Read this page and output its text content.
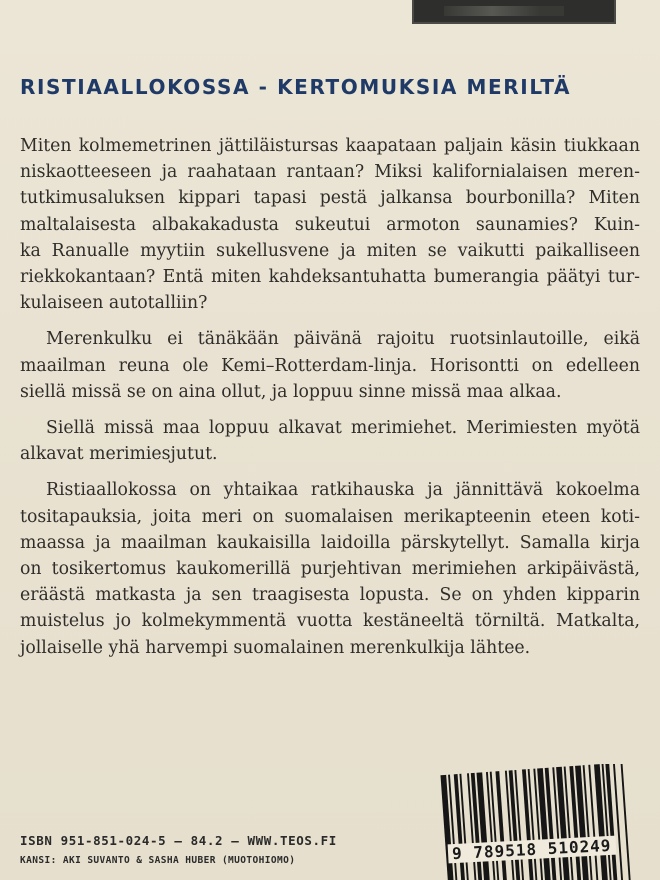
RISTIAALLOKOSSA - KERTOMUKSIA MERILTÄ

Miten kolmemetrinen jättiläistursas kaapataan paljain käsin tiukkaan
niskaotteeseen ja raahataan rantaan? Miksi kalifornialaisen meren-
tutkimusaluksen kippari tapasi pestä jalkansa bourbonilla? Miten
maltalaisesta albakakadusta sukeutui armoton saunamies? Kuin-
ka Ranualle myytiin sukellusvene ja miten se vaikutti paikalliseen
riekkokantaan? Entä miten kahdeksantuhatta bumerangia päätyi tur-
kulaiseen autotalliin?

Merenkulku ei tänäkään päivänä rajoitu ruotsinlautoille, eikä
maailman reuna ole Kemi–Rotterdam-linja. Horisontti on edelleen
siellä missä se on aina ollut, ja loppuu sinne missä maa alkaa.

Siellä missä maa loppuu alkavat merimiehet. Merimiesten myötä
alkavat merimiesjutut.

Ristiaallokossa on yhtaikaa ratkihauska ja jännittävä kokoelma
tositapauksia, joita meri on suomalaisen merikapteenin eteen koti-
maassa ja maailman kaukaisilla laidoilla pärskytellyt. Samalla kirja
on tosikertomus kaukomerillä purjehtivan merimiehen arkipäivästä,
eräästä matkasta ja sen traagisesta lopusta. Se on yhden kipparin
muistelus jo kolmekymmentä vuotta kestäneeltä törniltä. Matkalta,
jollaiselle yhä harvempi suomalainen merenkulkija lähtee.

ISBN 951-851-024-5 — 84.2 — WWW.TEOS.FI
KANSI: AKI SUVANTO & SASHA HUBER (MUOTOHIOMO)	9 789518 510249
